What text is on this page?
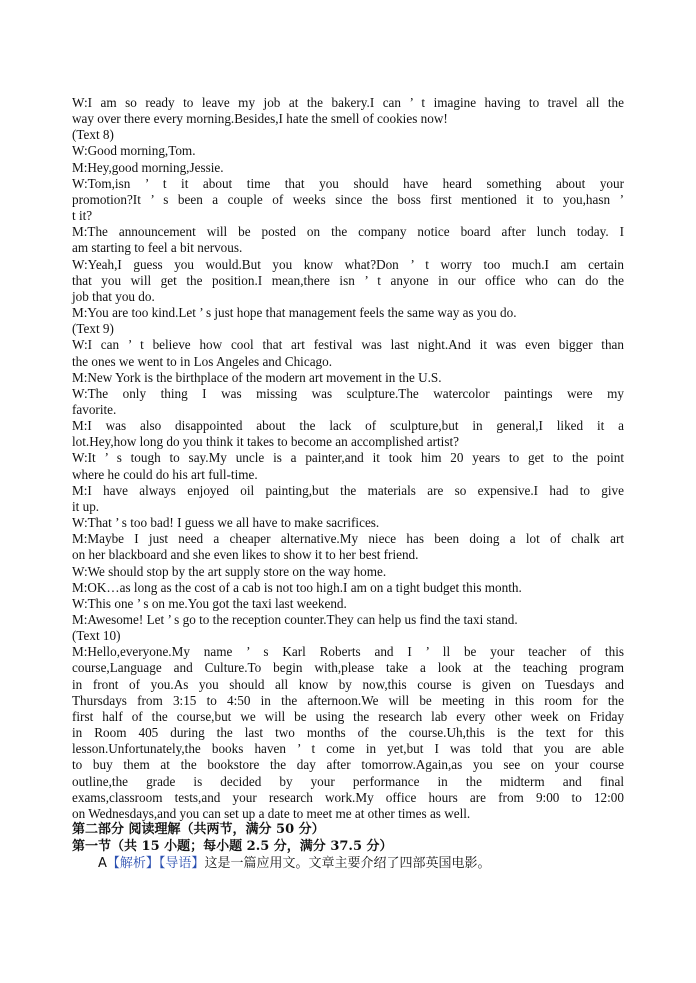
W:I am so ready to leave my job at the bakery.I can ’ t imagine having to travel all the
way over there every morning.Besides,I hate the smell of cookies now!
(Text 8)
W:Good morning,Tom.
M:Hey,good morning,Jessie.
W:Tom,isn ’ t it about time that you should have heard something about your
promotion?It ’ s been a couple of weeks since the boss first mentioned it to you,hasn ’
t it?
M:The announcement will be posted on the company notice board after lunch today. I
am starting to feel a bit nervous.
W:Yeah,I guess you would.But you know what?Don ’ t worry too much.I am certain
that you will get the position.I mean,there isn ’ t anyone in our office who can do the
job that you do.
M:You are too kind.Let ’ s just hope that management feels the same way as you do.
(Text 9)
W:I can ’ t believe how cool that art festival was last night.And it was even bigger than
the ones we went to in Los Angeles and Chicago.
M:New York is the birthplace of the modern art movement in the U.S.
W:The only thing I was missing was sculpture.The watercolor paintings were my
favorite.
M:I was also disappointed about the lack of sculpture,but in general,I liked it a
lot.Hey,how long do you think it takes to become an accomplished artist?
W:It ’ s tough to say.My uncle is a painter,and it took him 20 years to get to the point
where he could do his art full-time.
M:I have always enjoyed oil painting,but the materials are so expensive.I had to give
it up.
W:That ’ s too bad! I guess we all have to make sacrifices.
M:Maybe I just need a cheaper alternative.My niece has been doing a lot of chalk art
on her blackboard and she even likes to show it to her best friend.
W:We should stop by the art supply store on the way home.
M:OK…as long as the cost of a cab is not too high.I am on a tight budget this month.
W:This one ’ s on me.You got the taxi last weekend.
M:Awesome! Let ’ s go to the reception counter.They can help us find the taxi stand.
(Text 10)
M:Hello,everyone.My name ’ s Karl Roberts and I ’ ll be your teacher of this
course,Language and Culture.To begin with,please take a look at the teaching program
in front of you.As you should all know by now,this course is given on Tuesdays and
Thursdays from 3:15 to 4:50 in the afternoon.We will be meeting in this room for the
first half of the course,but we will be using the research lab every other week on Friday
in Room 405 during the last two months of the course.Uh,this is the text for this
lesson.Unfortunately,the books haven ’ t come in yet,but I was told that you are able
to buy them at the bookstore the day after tomorrow.Again,as you see on your course
outline,the grade is decided by your performance in the midterm and final
exams,classroom tests,and your research work.My office hours are from 9:00 to 12:00
on Wednesdays,and you can set up a date to meet me at other times as well.
第二部分 阅读理解（共两节，满分 50 分）
第一节（共 15 小题；每小题 2.5 分，满分 37.5 分）
A【解析】【导语】这是一篇应用文。文章主要介绍了四部英国电影。
